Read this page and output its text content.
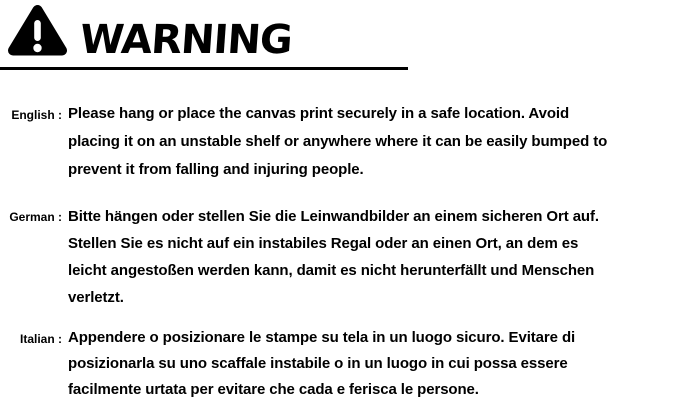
WARNING
English : Please hang or place the canvas print securely in a safe location. Avoid
placing it on an unstable shelf or anywhere where it can be easily bumped to
prevent it from falling and injuring people.
German : Bitte hängen oder stellen Sie die Leinwandbilder an einem sicheren Ort auf.
Stellen Sie es nicht auf ein instabiles Regal oder an einen Ort, an dem es
leicht angestoßen werden kann, damit es nicht herunterfällt und Menschen
verletzt.
Italian : Appendere o posizionare le stampe su tela in un luogo sicuro. Evitare di
posizionarla su uno scaffale instabile o in un luogo in cui possa essere
facilmente urtata per evitare che cada e ferisca le persone.
